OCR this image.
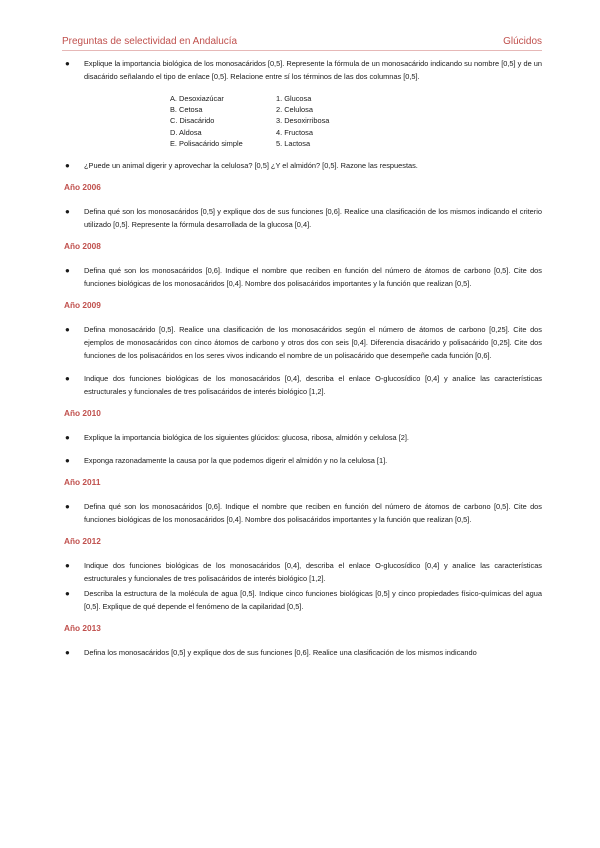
Preguntas de selectividad en Andalucía	Glúcidos
● Explique la importancia biológica de los monosacáridos [0,5]. Represente la fórmula de un monosacárido indicando su nombre [0,5] y de un disacárido señalando el tipo de enlace [0,5]. Relacione entre sí los términos de las dos columnas [0,5].
A. Desoxiazúcar	1. Glucosa
B. Cetosa	2. Celulosa
C. Disacárido	3. Desoxirribosa
D. Aldosa	4. Fructosa
E. Polisacárido simple	5. Lactosa
● ¿Puede un animal digerir y aprovechar la celulosa? [0,5] ¿Y el almidón? [0,5]. Razone las respuestas.
Año 2006
● Defina qué son los monosacáridos [0,5] y explique dos de sus funciones [0,6]. Realice una clasificación de los mismos indicando el criterio utilizado [0,5]. Represente la fórmula desarrollada de la glucosa [0,4].
Año 2008
● Defina qué son los monosacáridos [0,6]. Indique el nombre que reciben en función del número de átomos de carbono [0,5]. Cite dos funciones biológicas de los monosacáridos [0,4]. Nombre dos polisacáridos importantes y la función que realizan [0,5].
Año 2009
● Defina monosacárido [0,5]. Realice una clasificación de los monosacáridos según el número de átomos de carbono [0,25]. Cite dos ejemplos de monosacáridos con cinco átomos de carbono y otros dos con seis [0,4]. Diferencia disacárido y polisacárido [0,25]. Cite dos funciones de los polisacáridos en los seres vivos indicando el nombre de un polisacárido que desempeñe cada función [0,6].
● Indique dos funciones biológicas de los monosacáridos [0,4], describa el enlace O-glucosídico [0,4] y analice las características estructurales y funcionales de tres polisacáridos de interés biológico [1,2].
Año 2010
● Explique la importancia biológica de los siguientes glúcidos: glucosa, ribosa, almidón y celulosa [2].
● Exponga razonadamente la causa por la que podemos digerir el almidón y no la celulosa [1].
Año 2011
● Defina qué son los monosacáridos [0,6]. Indique el nombre que reciben en función del número de átomos de carbono [0,5]. Cite dos funciones biológicas de los monosacáridos [0,4]. Nombre dos polisacáridos importantes y la función que realizan [0,5].
Año 2012
● Indique dos funciones biológicas de los monosacáridos [0,4], describa el enlace O-glucosídico [0,4] y analice las características estructurales y funcionales de tres polisacáridos de interés biológico [1,2].
● Describa la estructura de la molécula de agua [0,5]. Indique cinco funciones biológicas [0,5] y cinco propiedades físico-químicas del agua [0,5]. Explique de qué depende el fenómeno de la capilaridad [0,5].
Año 2013
● Defina los monosacáridos [0,5] y explique dos de sus funciones [0,6]. Realice una clasificación de los mismos indicando
